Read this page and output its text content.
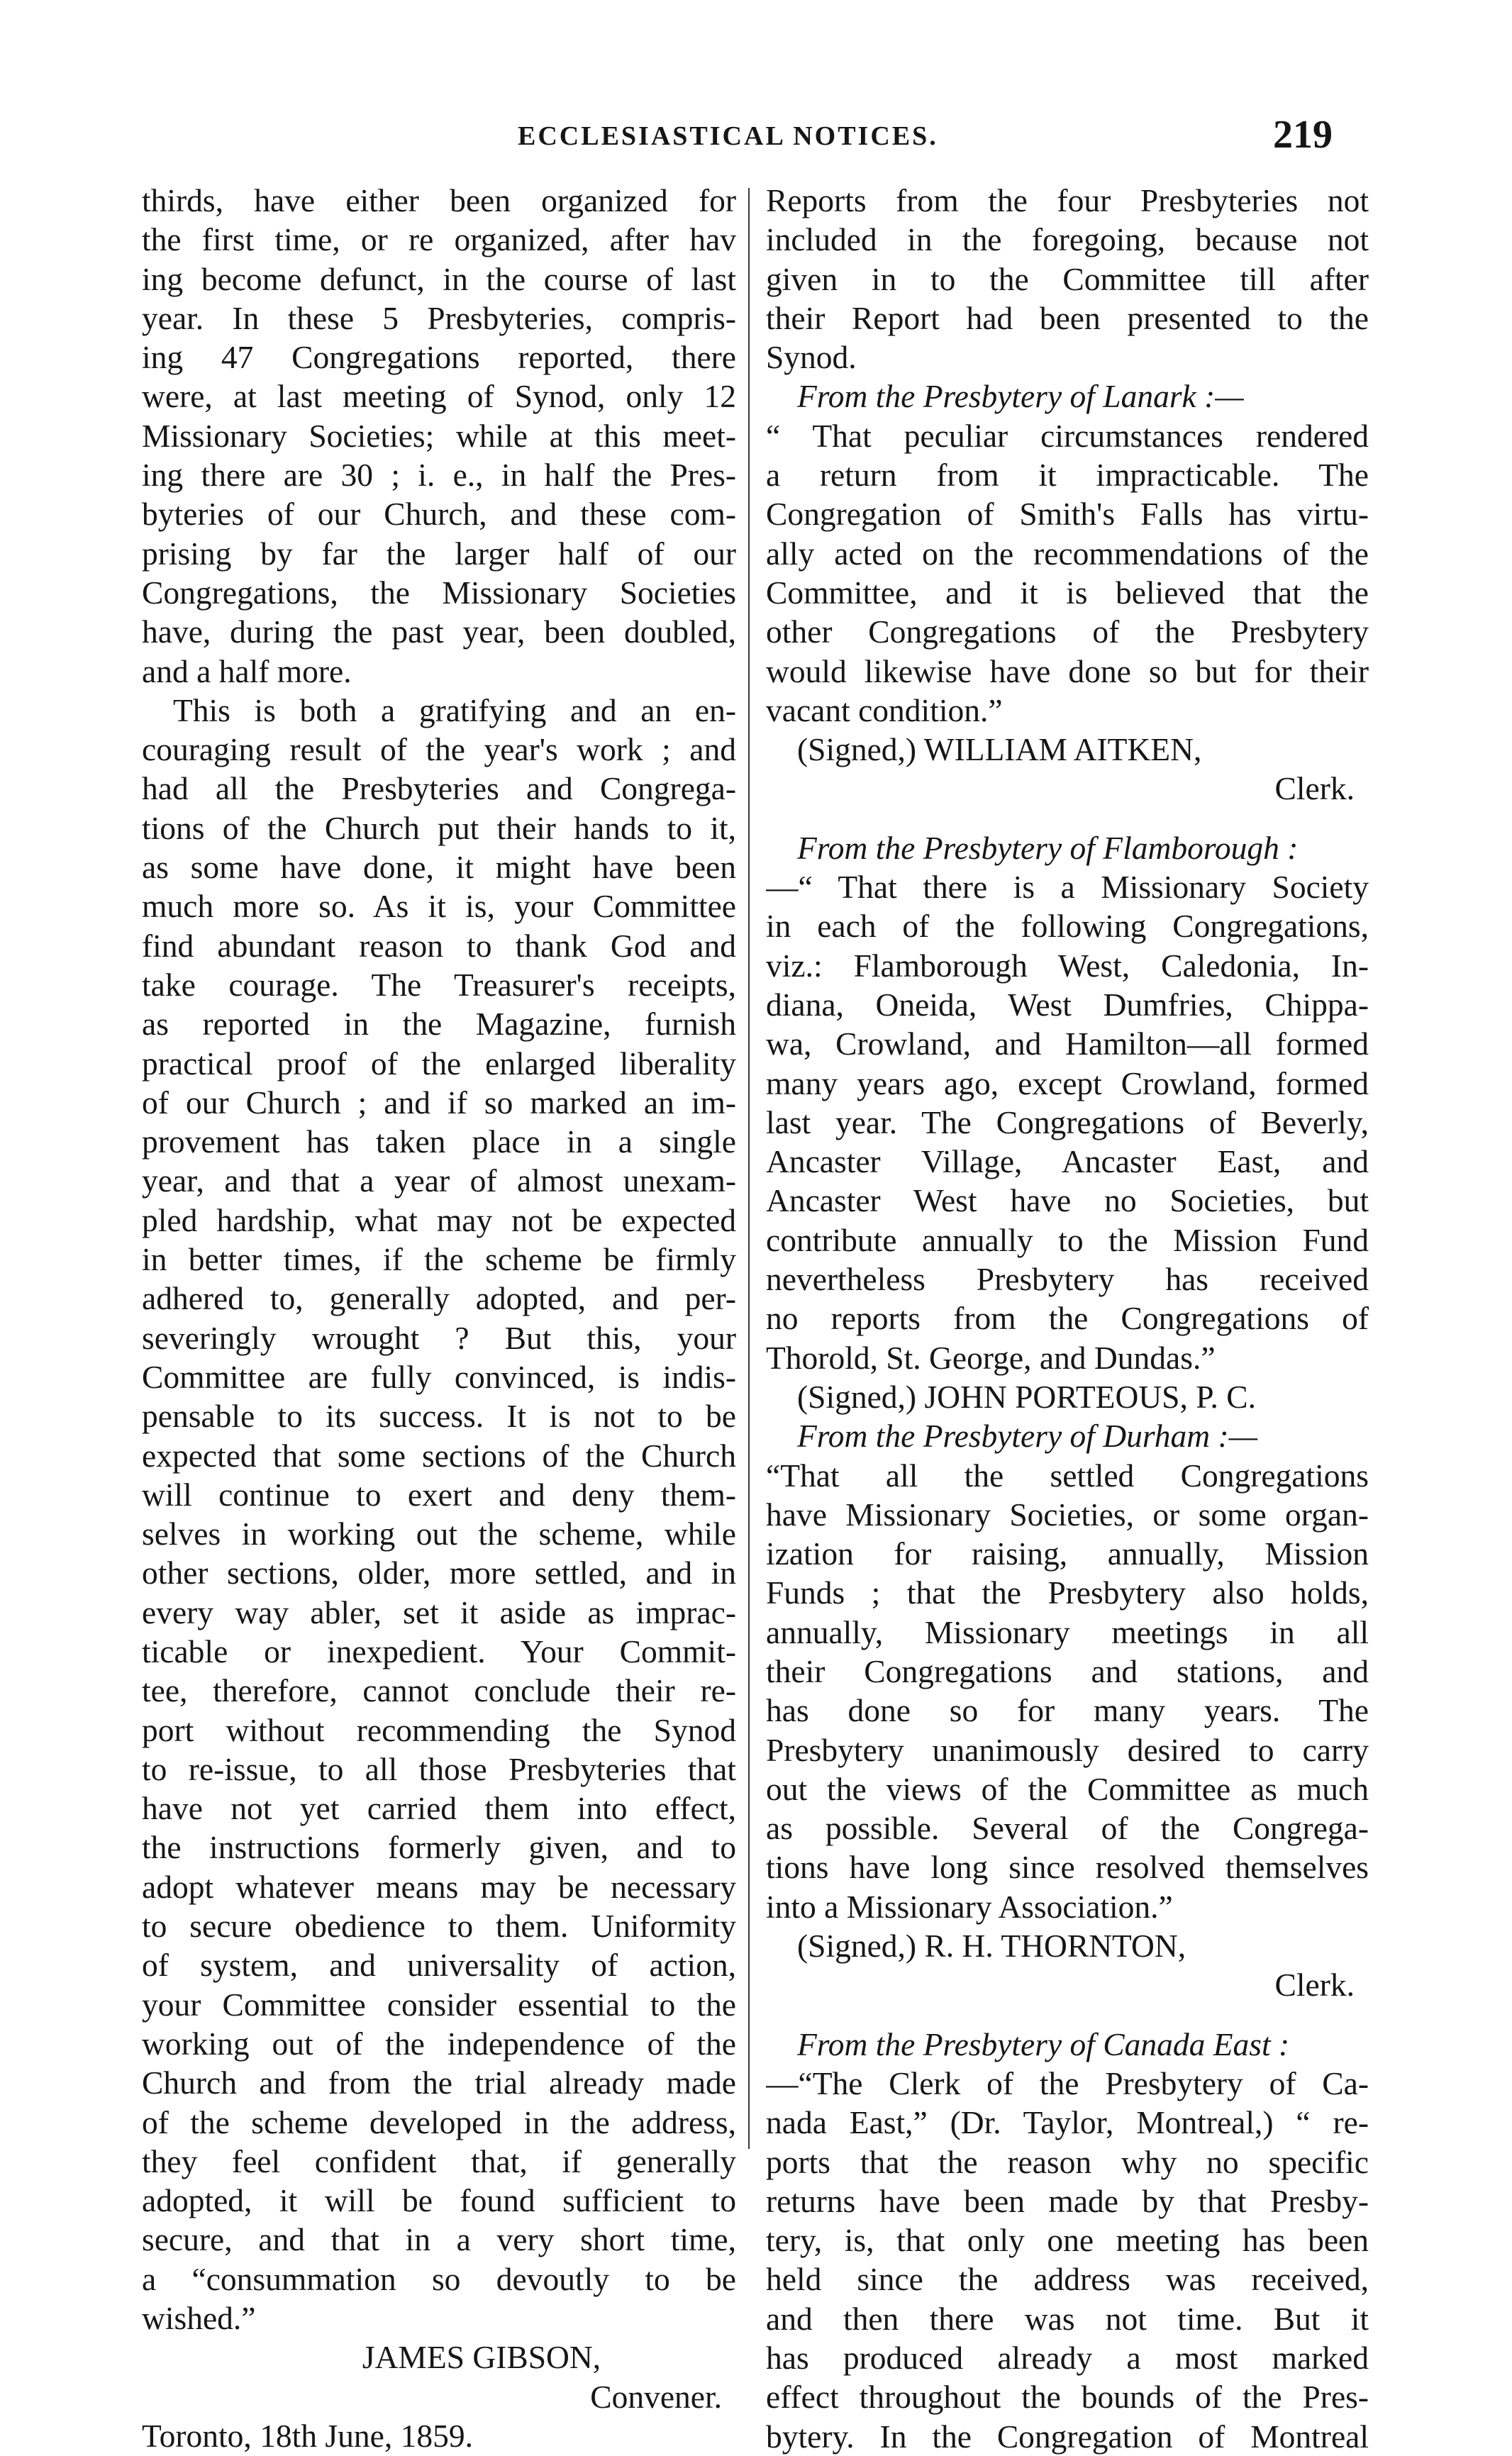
ECCLESIASTICAL NOTICES.	219
thirds, have either been organized for
the first time, or re organized, after hav
ing become defunct, in the course of last
year. In these 5 Presbyteries, compris-
ing 47 Congregations reported, there
were, at last meeting of Synod, only 12
Missionary Societies; while at this meet-
ing there are 30 ; i. e., in half the Pres-
byteries of our Church, and these com-
prising by far the larger half of our
Congregations, the Missionary Societies
have, during the past year, been doubled,
and a half more.
This is both a gratifying and an en-
couraging result of the year's work ; and
had all the Presbyteries and Congrega-
tions of the Church put their hands to it,
as some have done, it might have been
much more so. As it is, your Committee
find abundant reason to thank God and
take courage. The Treasurer's receipts,
as reported in the Magazine, furnish
practical proof of the enlarged liberality
of our Church ; and if so marked an im-
provement has taken place in a single
year, and that a year of almost unexam-
pled hardship, what may not be expected
in better times, if the scheme be firmly
adhered to, generally adopted, and per-
severingly wrought ? But this, your
Committee are fully convinced, is indis-
pensable to its success. It is not to be
expected that some sections of the Church
will continue to exert and deny them-
selves in working out the scheme, while
other sections, older, more settled, and in
every way abler, set it aside as imprac-
ticable or inexpedient. Your Commit-
tee, therefore, cannot conclude their re-
port without recommending the Synod
to re-issue, to all those Presbyteries that
have not yet carried them into effect,
the instructions formerly given, and to
adopt whatever means may be necessary
to secure obedience to them. Uniformity
of system, and universality of action,
your Committee consider essential to the
working out of the independence of the
Church and from the trial already made
of the scheme developed in the address,
they feel confident that, if generally
adopted, it will be found sufficient to
secure, and that in a very short time,
a “consummation so devoutly to be
wished.”
JAMES GIBSON,
Convener.
Toronto, 18th June, 1859.
Reports from the four Presbyteries not
included in the foregoing, because not
given in to the Committee till after
their Report had been presented to the
Synod.
From the Presbytery of Lanark :—
“ That peculiar circumstances rendered
a return from it impracticable. The
Congregation of Smith's Falls has virtu-
ally acted on the recommendations of the
Committee, and it is believed that the
other Congregations of the Presbytery
would likewise have done so but for their
vacant condition.”
(Signed,) WILLIAM AITKEN,
Clerk.
From the Presbytery of Flamborough :
—“ That there is a Missionary Society
in each of the following Congregations,
viz.: Flamborough West, Caledonia, In-
diana, Oneida, West Dumfries, Chippa-
wa, Crowland, and Hamilton—all formed
many years ago, except Crowland, formed
last year. The Congregations of Beverly,
Ancaster Village, Ancaster East, and
Ancaster West have no Societies, but
contribute annually to the Mission Fund
nevertheless Presbytery has received
no reports from the Congregations of
Thorold, St. George, and Dundas.”
(Signed,) JOHN PORTEOUS, P. C.
From the Presbytery of Durham :—
“That all the settled Congregations
have Missionary Societies, or some organ-
ization for raising, annually, Mission
Funds ; that the Presbytery also holds,
annually, Missionary meetings in all
their Congregations and stations, and
has done so for many years. The
Presbytery unanimously desired to carry
out the views of the Committee as much
as possible. Several of the Congrega-
tions have long since resolved themselves
into a Missionary Association.”
(Signed,) R. H. THORNTON,
Clerk.
From the Presbytery of Canada East :
—“The Clerk of the Presbytery of Ca-
nada East,” (Dr. Taylor, Montreal,) “ re-
ports that the reason why no specific
returns have been made by that Presby-
tery, is, that only one meeting has been
held since the address was received,
and then there was not time. But it
has produced already a most marked
effect throughout the bounds of the Pres-
bytery. In the Congregation of Montreal
